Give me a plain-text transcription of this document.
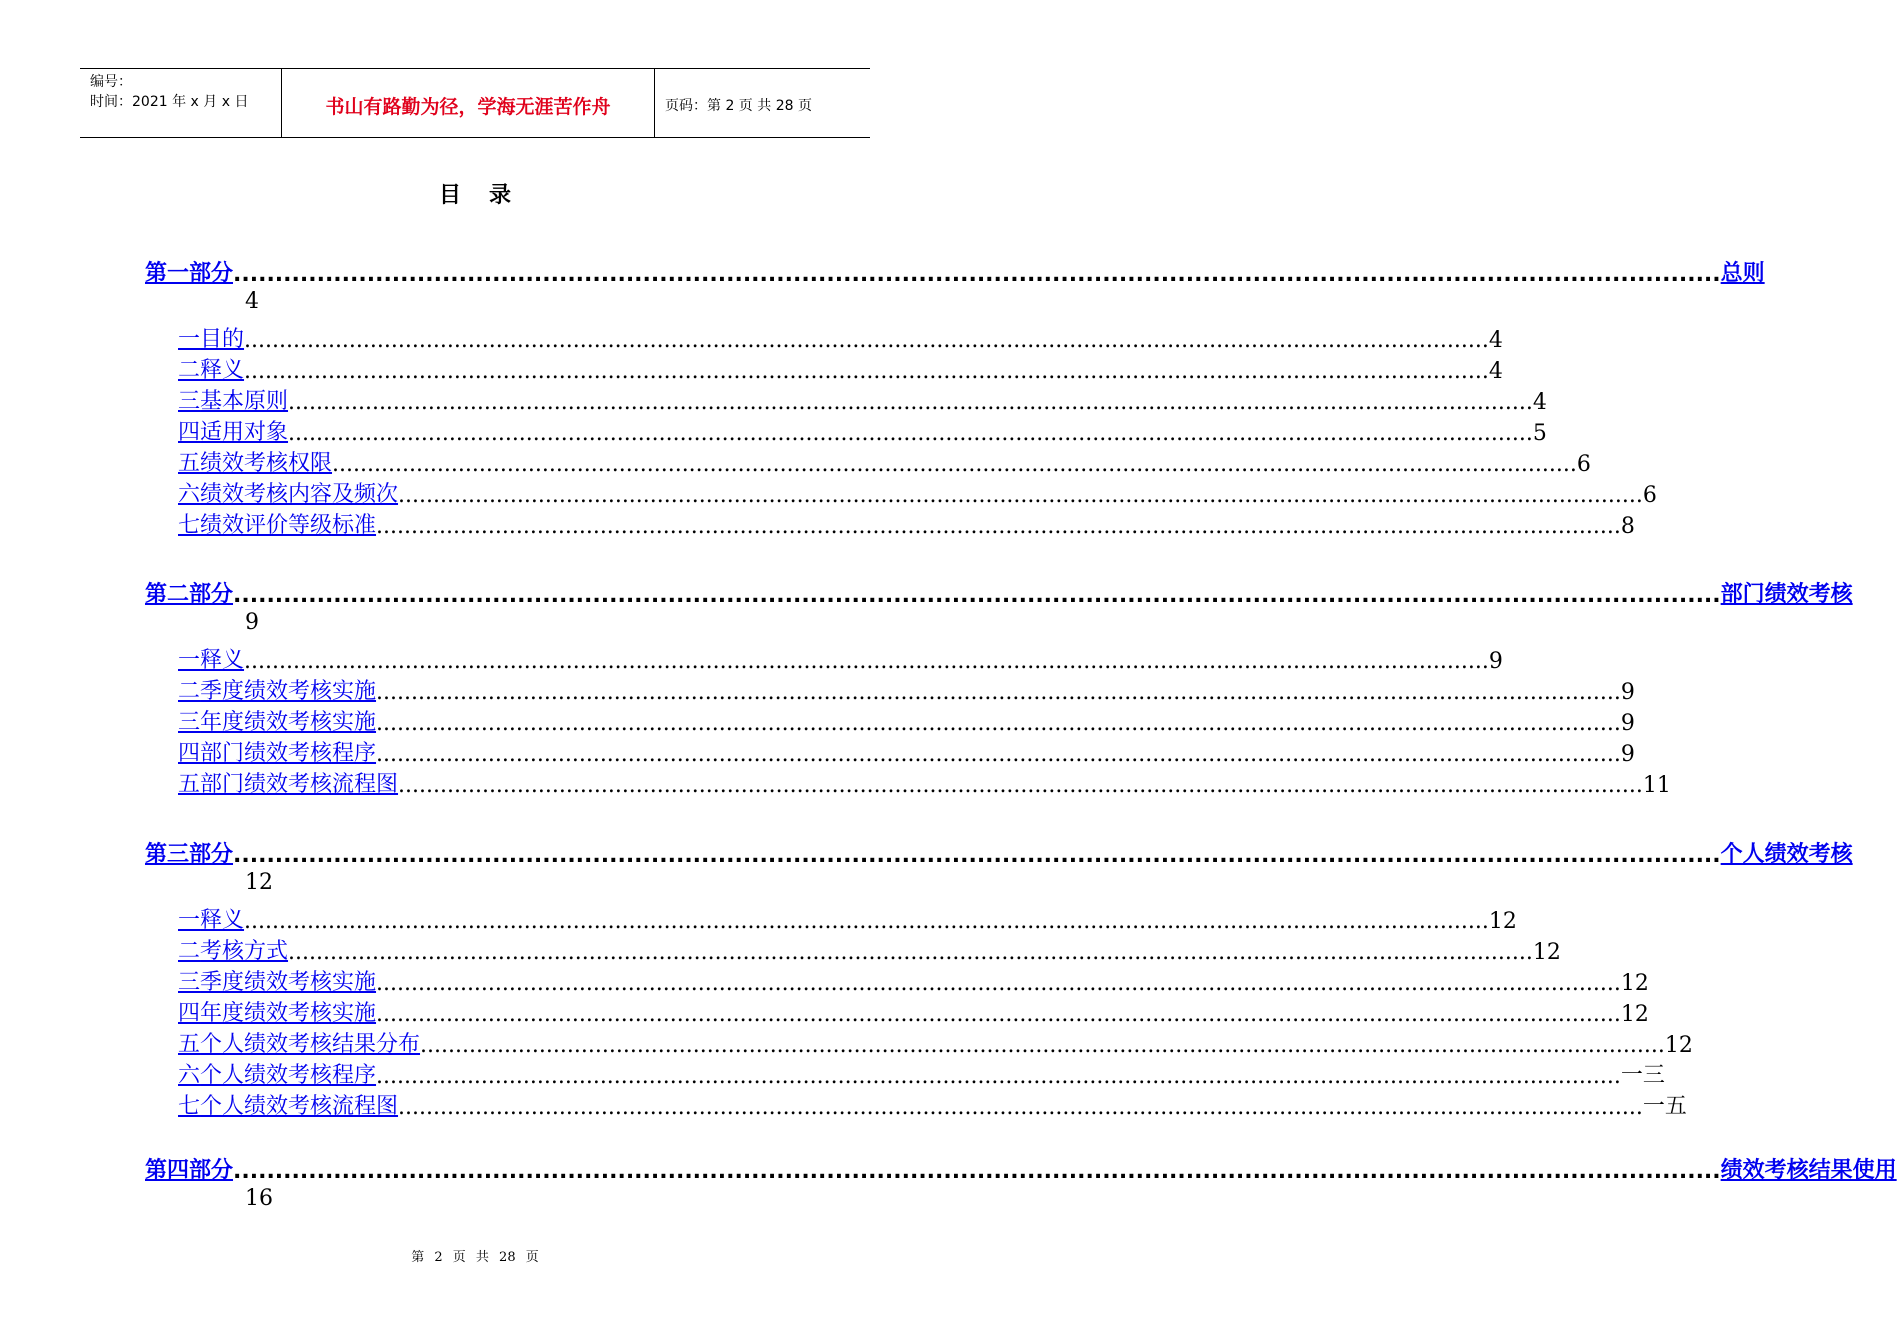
编号：
时间：2021 年 x 月 x 日	书山有路勤为径，学海无涯苦作舟	页码：第 2 页 共 28 页
目录
第一部分 .................................................................................................................................................................................. 总则
4
一 目的 .................................................................................................................................................................................. 4
二 释义 .................................................................................................................................................................................. 4
三 基本原则 .................................................................................................................................................................................. 4
四 适用对象 .................................................................................................................................................................................. 5
五 绩效考核权限 .................................................................................................................................................................................. 6
六 绩效考核内容及频次 .................................................................................................................................................................................. 6
七 绩效评价等级标准 .................................................................................................................................................................................. 8
第二部分 .................................................................................................................................................................................. 部门绩效考核
9
一 释义 .................................................................................................................................................................................. 9
二 季度绩效考核实施 .................................................................................................................................................................................. 9
三 年度绩效考核实施 .................................................................................................................................................................................. 9
四 部门绩效考核程序 .................................................................................................................................................................................. 9
五 部门绩效考核流程图 .................................................................................................................................................................................. 11
第三部分 .................................................................................................................................................................................. 个人绩效考核
12
一 释义 .................................................................................................................................................................................. 12
二 考核方式 .................................................................................................................................................................................. 12
三 季度绩效考核实施 .................................................................................................................................................................................. 12
四 年度绩效考核实施 .................................................................................................................................................................................. 12
五 个人绩效考核结果分布 .................................................................................................................................................................................. 12
六 个人绩效考核程序 .................................................................................................................................................................................. 一三
七 个人绩效考核流程图 .................................................................................................................................................................................. 一五
第四部分 .................................................................................................................................................................................. 绩效考核结果使用
16
第 2 页 共 28 页
